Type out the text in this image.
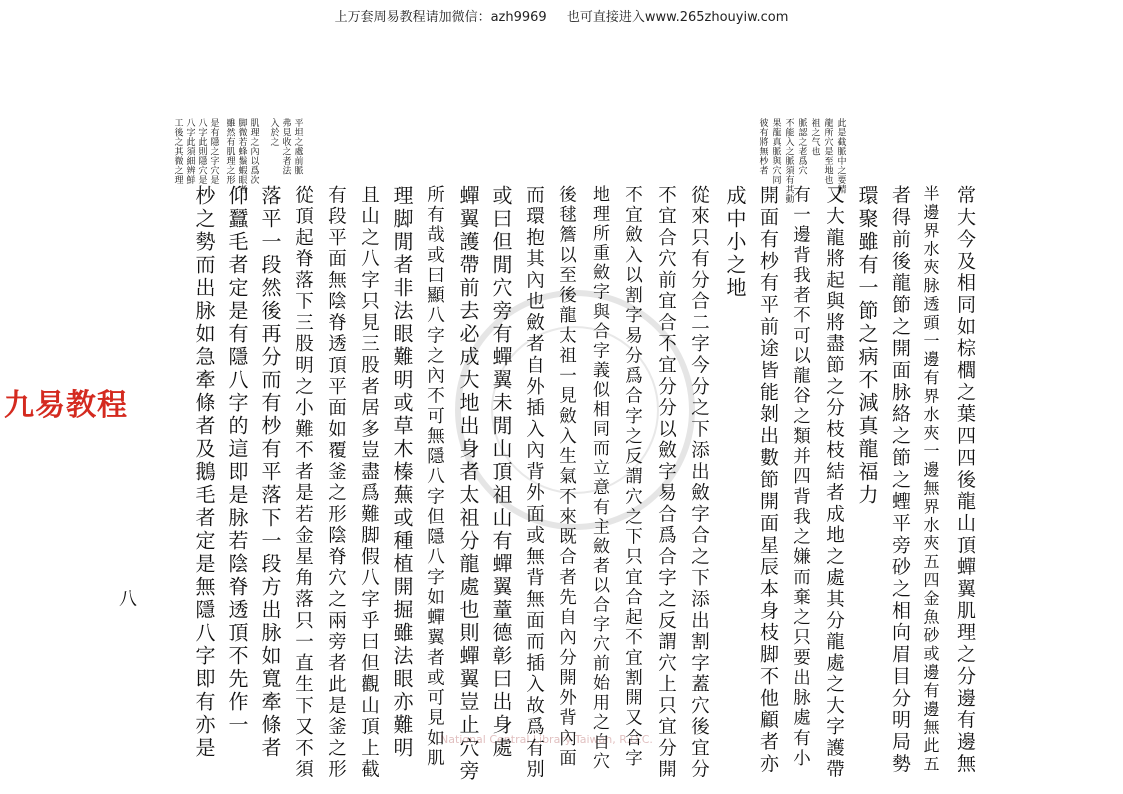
上万套周易教程请加微信：azh9969 也可直接进入www.265zhouyiw.com
National Central Library Taiwan, R.O.C.
九易教程
八
此是截脈中之要精
龍所穴是至地也
祖之气也
脈認之老爲穴
不能入之脈須有其動
果龍真脈與穴同
彼有將無杪者
平坦之處前脈
弗見收之者法
入於之
肌理之內以爲次
脚微若蜂鬚蝦眼者
雖然有肌理之形
是有隱之字穴是
八字此則隱穴是
八字此須細辨鮮
工後之其微之理
常大今及相同如棕櫚之葉四四後龍山頂蟬翼肌理之分邊有邊無
半邊界水夾脉透頭一邊有界水夾一邊無界水夾五四金魚砂或邊有邊無此五
者得前後龍節之開面脉絡之節之蟶平旁砂之相向眉目分明局勢
環聚雖有一節之病不減真龍福力
又大龍將起與將盡節之分枝枝結者成地之處其分龍處之大字護帶
有一邊背我者不可以龍谷之類并四背我之嫌而棄之只要出脉處有小
開面有杪有平前途皆能剝出數節開面星辰本身枝脚不他顧者亦
成中小之地
從來只有分合二字今分之下添出斂字合之下添出割字蓋穴後宜分
不宜合穴前宜合不宜分分以斂字易合爲合字之反謂穴上只宜分開
不宜斂入以割字易分爲合字之反謂穴之下只宜合起不宜割開又合字
地理所重斂字與合字義似相同而立意有主斂者以合字穴前始用之自穴
後毬簷以至後龍太祖一見斂入生氣不來既合者先自內分開外背內面
而環抱其內也斂者自外插入內背外面或無背無面而插入故爲有別
或曰但閒穴旁有蟬翼未閒山頂祖山有蟬翼蕫德彰曰出身處
蟬翼護帶前去必成大地出身者太祖分龍處也則蟬翼豈止穴旁
所有哉或曰顯八字之內不可無隱八字但隱八字如蟬翼者或可見如肌
理脚閒者非法眼難明或草木榛蕪或種植開掘雖法眼亦難明
且山之八字只見三股者居多豈盡爲難脚假八字乎曰但觀山頂上截
有段平面無陰脊透頂平面如覆釜之形陰脊穴之兩旁者此是釜之形
從頂起脊落下三股明之小難不者是若金星角落只一直生下又不須
落平一段然後再分而有杪有平落下一段方出脉如寬牽條者
仰蠶毛者定是有隱八字的這即是脉若陰脊透頂不先作一
杪之勢而出脉如急牽條者及鵝毛者定是無隱八字即有亦是
